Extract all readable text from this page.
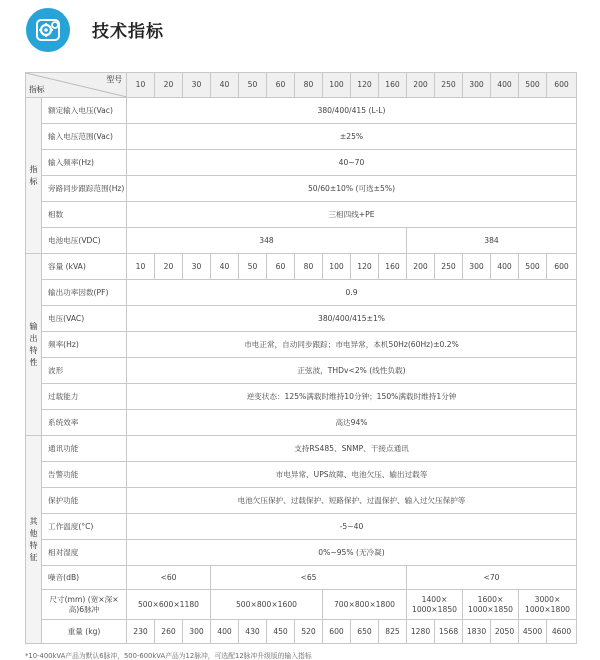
技术指标
型号
指标		10	20	30	40	50	60	80	100	120	160	200	250	300	400	500	600
指标	额定输入电压(Vac)	380/400/415 (L-L)															
	输入电压范围(Vac)	±25%															
	输入频率(Hz)	40~70															
	旁路同步跟踪范围(Hz)	50/60±10% (可选±5%)															
	相数	三相四线+PE															
	电池电压(VDC)	348										384					
输出特性	容量 (kVA)	10	20	30	40	50	60	80	100	120	160	200	250	300	400	500	600
	输出功率因数(PF)	0.9															
	电压(VAC)	380/400/415±1%															
	频率(Hz)	市电正常，自动同步跟踪；市电异常，本机50Hz(60Hz)±0.2%															
	波形	正弦波，THDv<2% (线性负载)															
	过载能力	逆变状态：125%满载时维持10分钟；150%满载时维持1分钟															
	系统效率	高达94%															
其他特征	通讯功能	支持RS485、SNMP、干接点通讯															
	告警功能	市电异常、UPS故障、电池欠压、输出过载等															
	保护功能	电池欠压保护、过载保护、短路保护、过温保护、输入过欠压保护等															
	工作温度(°C)	-5~40															
	相对湿度	0%~95% (无冷凝)															
	噪音(dB)	<60			<65							<70					
	尺寸(mm) (宽×深×高)6脉冲	500×600×1180			500×800×1600				700×800×1800			1400× 1000×1850		1600× 1000×1850		3000× 1000×1800	
	重量 (kg)	230	260	300	400	430	450	520	600	650	825	1280	1568	1830	2050	4500	4600
*10-400kVA产品为默认6脉冲，500-600kVA产品为12脉冲，可选配12脉冲升级版的输入指标
